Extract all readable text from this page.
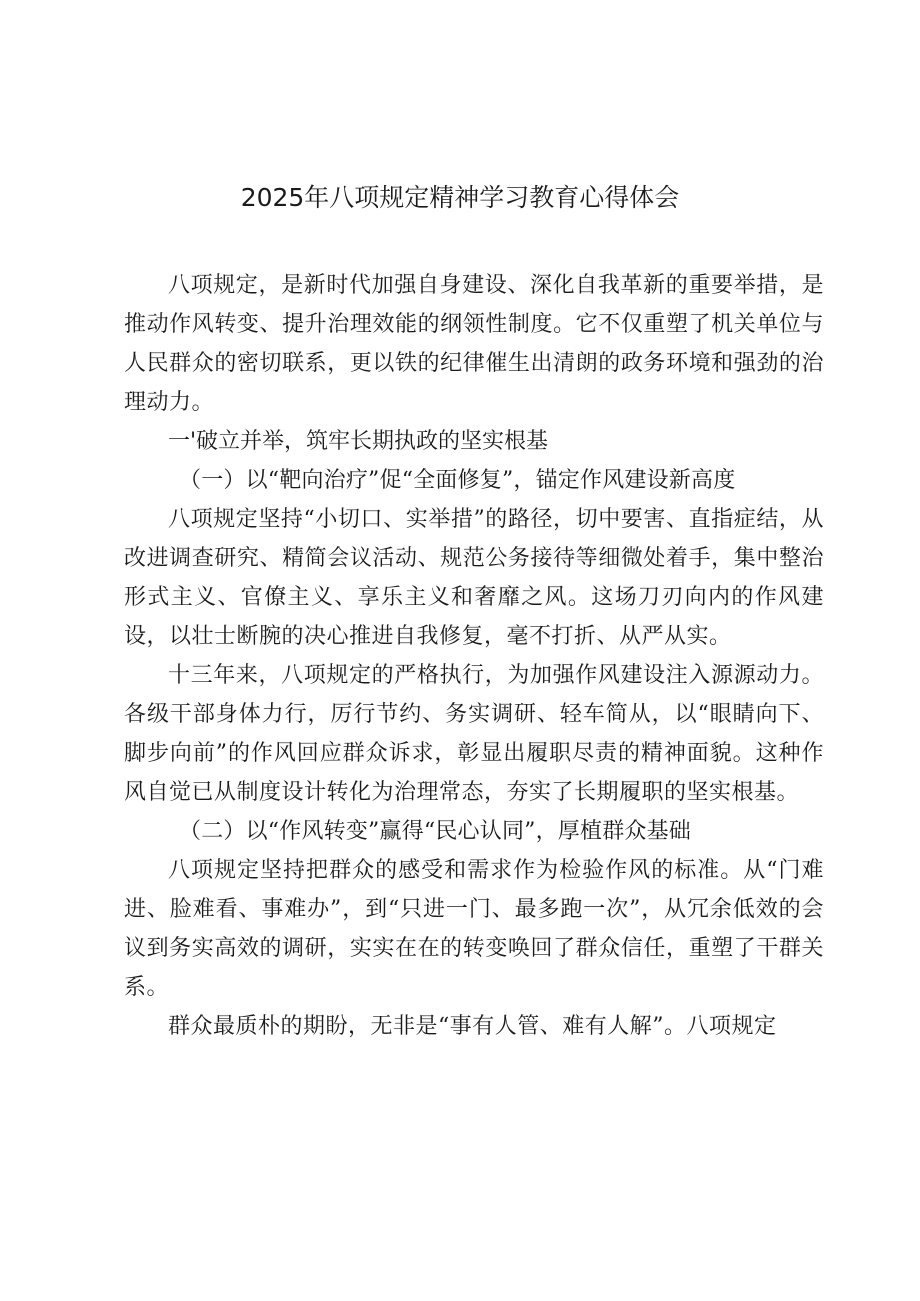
2025年八项规定精神学习教育心得体会

八项规定，是新时代加强自身建设、深化自我革新的重要举措，是推动作风转变、提升治理效能的纲领性制度。它不仅重塑了机关单位与人民群众的密切联系，更以铁的纪律催生出清朗的政务环境和强劲的治理动力。

一'破立并举，筑牢长期执政的坚实根基

（一）以“靶向治疗”促“全面修复”，锚定作风建设新高度

八项规定坚持“小切口、实举措”的路径，切中要害、直指症结，从改进调查研究、精简会议活动、规范公务接待等细微处着手，集中整治形式主义、官僚主义、享乐主义和奢靡之风。这场刀刃向内的作风建设，以壮士断腕的决心推进自我修复，毫不打折、从严从实。

十三年来，八项规定的严格执行，为加强作风建设注入源源动力。各级干部身体力行，厉行节约、务实调研、轻车简从，以“眼睛向下、脚步向前”的作风回应群众诉求，彰显出履职尽责的精神面貌。这种作风自觉已从制度设计转化为治理常态，夯实了长期履职的坚实根基。

（二）以“作风转变”赢得“民心认同”，厚植群众基础

八项规定坚持把群众的感受和需求作为检验作风的标准。从“门难进、脸难看、事难办”，到“只进一门、最多跑一次”，从冗余低效的会议到务实高效的调研，实实在在的转变唤回了群众信任，重塑了干群关系。

群众最质朴的期盼，无非是“事有人管、难有人解”。八项规定
